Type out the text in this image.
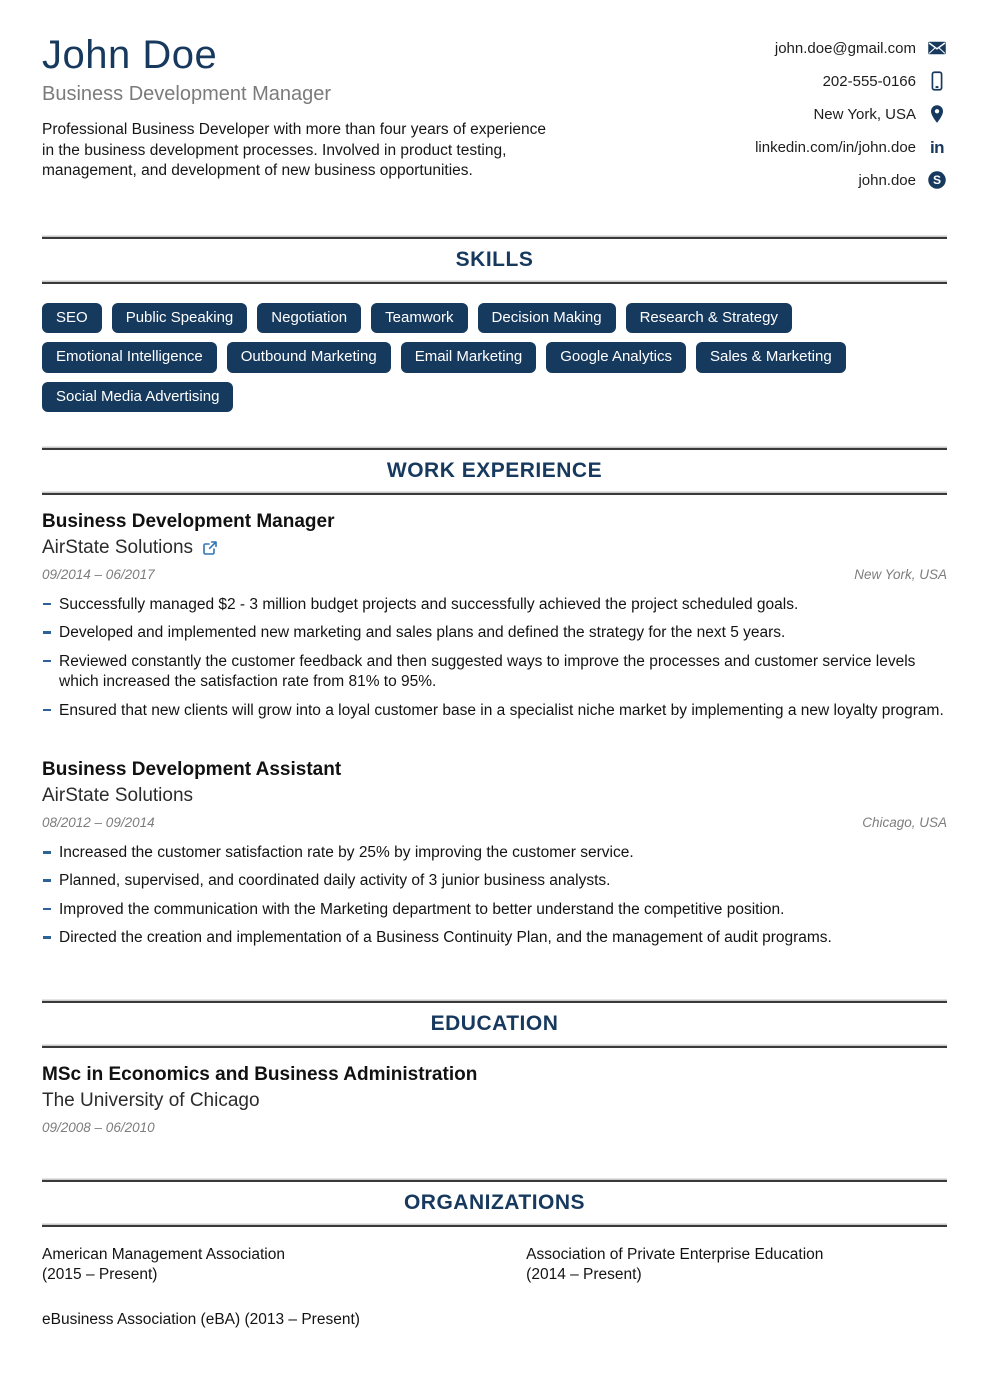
John Doe
Business Development Manager

Professional Business Developer with more than four years of experience in the business development processes. Involved in product testing, management, and development of new business opportunities.

john.doe@gmail.com
202-555-0166
New York, USA
linkedin.com/in/john.doe in
john.doe S
SKILLS
SEO	Public Speaking	Negotiation	Teamwork	Decision Making	Research & Strategy
Emotional Intelligence	Outbound Marketing	Email Marketing	Google Analytics	Sales & Marketing
Social Media Advertising
WORK EXPERIENCE
Business Development Manager
AirState Solutions
09/2014 – 06/2017	New York, USA
Successfully managed $2 - 3 million budget projects and successfully achieved the project scheduled goals.
Developed and implemented new marketing and sales plans and defined the strategy for the next 5 years.
Reviewed constantly the customer feedback and then suggested ways to improve the processes and customer service levels which increased the satisfaction rate from 81% to 95%.
Ensured that new clients will grow into a loyal customer base in a specialist niche market by implementing a new loyalty program.
Business Development Assistant
AirState Solutions
08/2012 – 09/2014	Chicago, USA
Increased the customer satisfaction rate by 25% by improving the customer service.
Planned, supervised, and coordinated daily activity of 3 junior business analysts.
Improved the communication with the Marketing department to better understand the competitive position.
Directed the creation and implementation of a Business Continuity Plan, and the management of audit programs.
EDUCATION
MSc in Economics and Business Administration
The University of Chicago
09/2008 – 06/2010
ORGANIZATIONS
American Management Association
(2015 – Present)
Association of Private Enterprise Education
(2014 – Present)
eBusiness Association (eBA) (2013 – Present)
